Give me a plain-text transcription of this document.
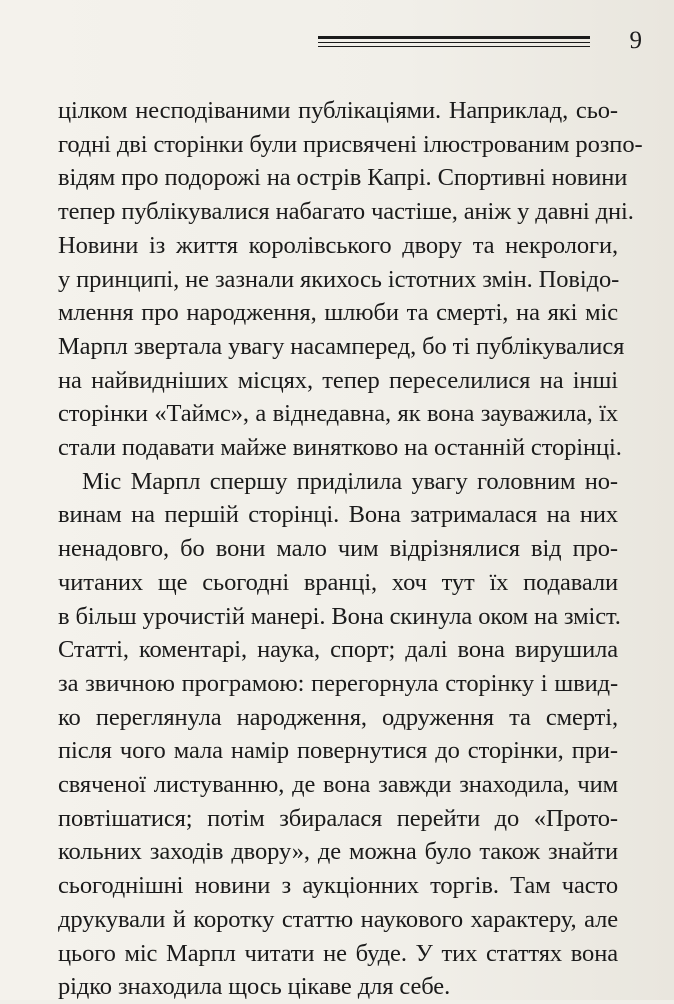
9
цілком несподіваними публікаціями. Наприклад, сьо-
годні дві сторінки були присвячені ілюстрованим розпо-
відям про подорожі на острів Капрі. Спортивні новини
тепер публікувалися набагато частіше, аніж у давні дні.
Новини із життя королівського двору та некрологи,
у принципі, не зазнали якихось істотних змін. Повідо-
млення про народження, шлюби та смерті, на які міс
Марпл звертала увагу насамперед, бо ті публікувалися
на найвидніших місцях, тепер переселилися на інші
сторінки «Таймс», а віднедавна, як вона зауважила, їх
стали подавати майже винятково на останній сторінці.
Міс Марпл спершу приділила увагу головним но-
винам на першій сторінці. Вона затрималася на них
ненадовго, бо вони мало чим відрізнялися від про-
читаних ще сьогодні вранці, хоч тут їх подавали
в більш урочистій манері. Вона скинула оком на зміст.
Статті, коментарі, наука, спорт; далі вона вирушила
за звичною програмою: перегорнула сторінку і швид-
ко переглянула народження, одруження та смерті,
після чого мала намір повернутися до сторінки, при-
свяченої листуванню, де вона завжди знаходила, чим
повтішатися; потім збиралася перейти до «Прото-
кольних заходів двору», де можна було також знайти
сьогоднішні новини з аукціонних торгів. Там часто
друкували й коротку статтю наукового характеру, але
цього міс Марпл читати не буде. У тих статтях вона
рідко знаходила щось цікаве для себе.
